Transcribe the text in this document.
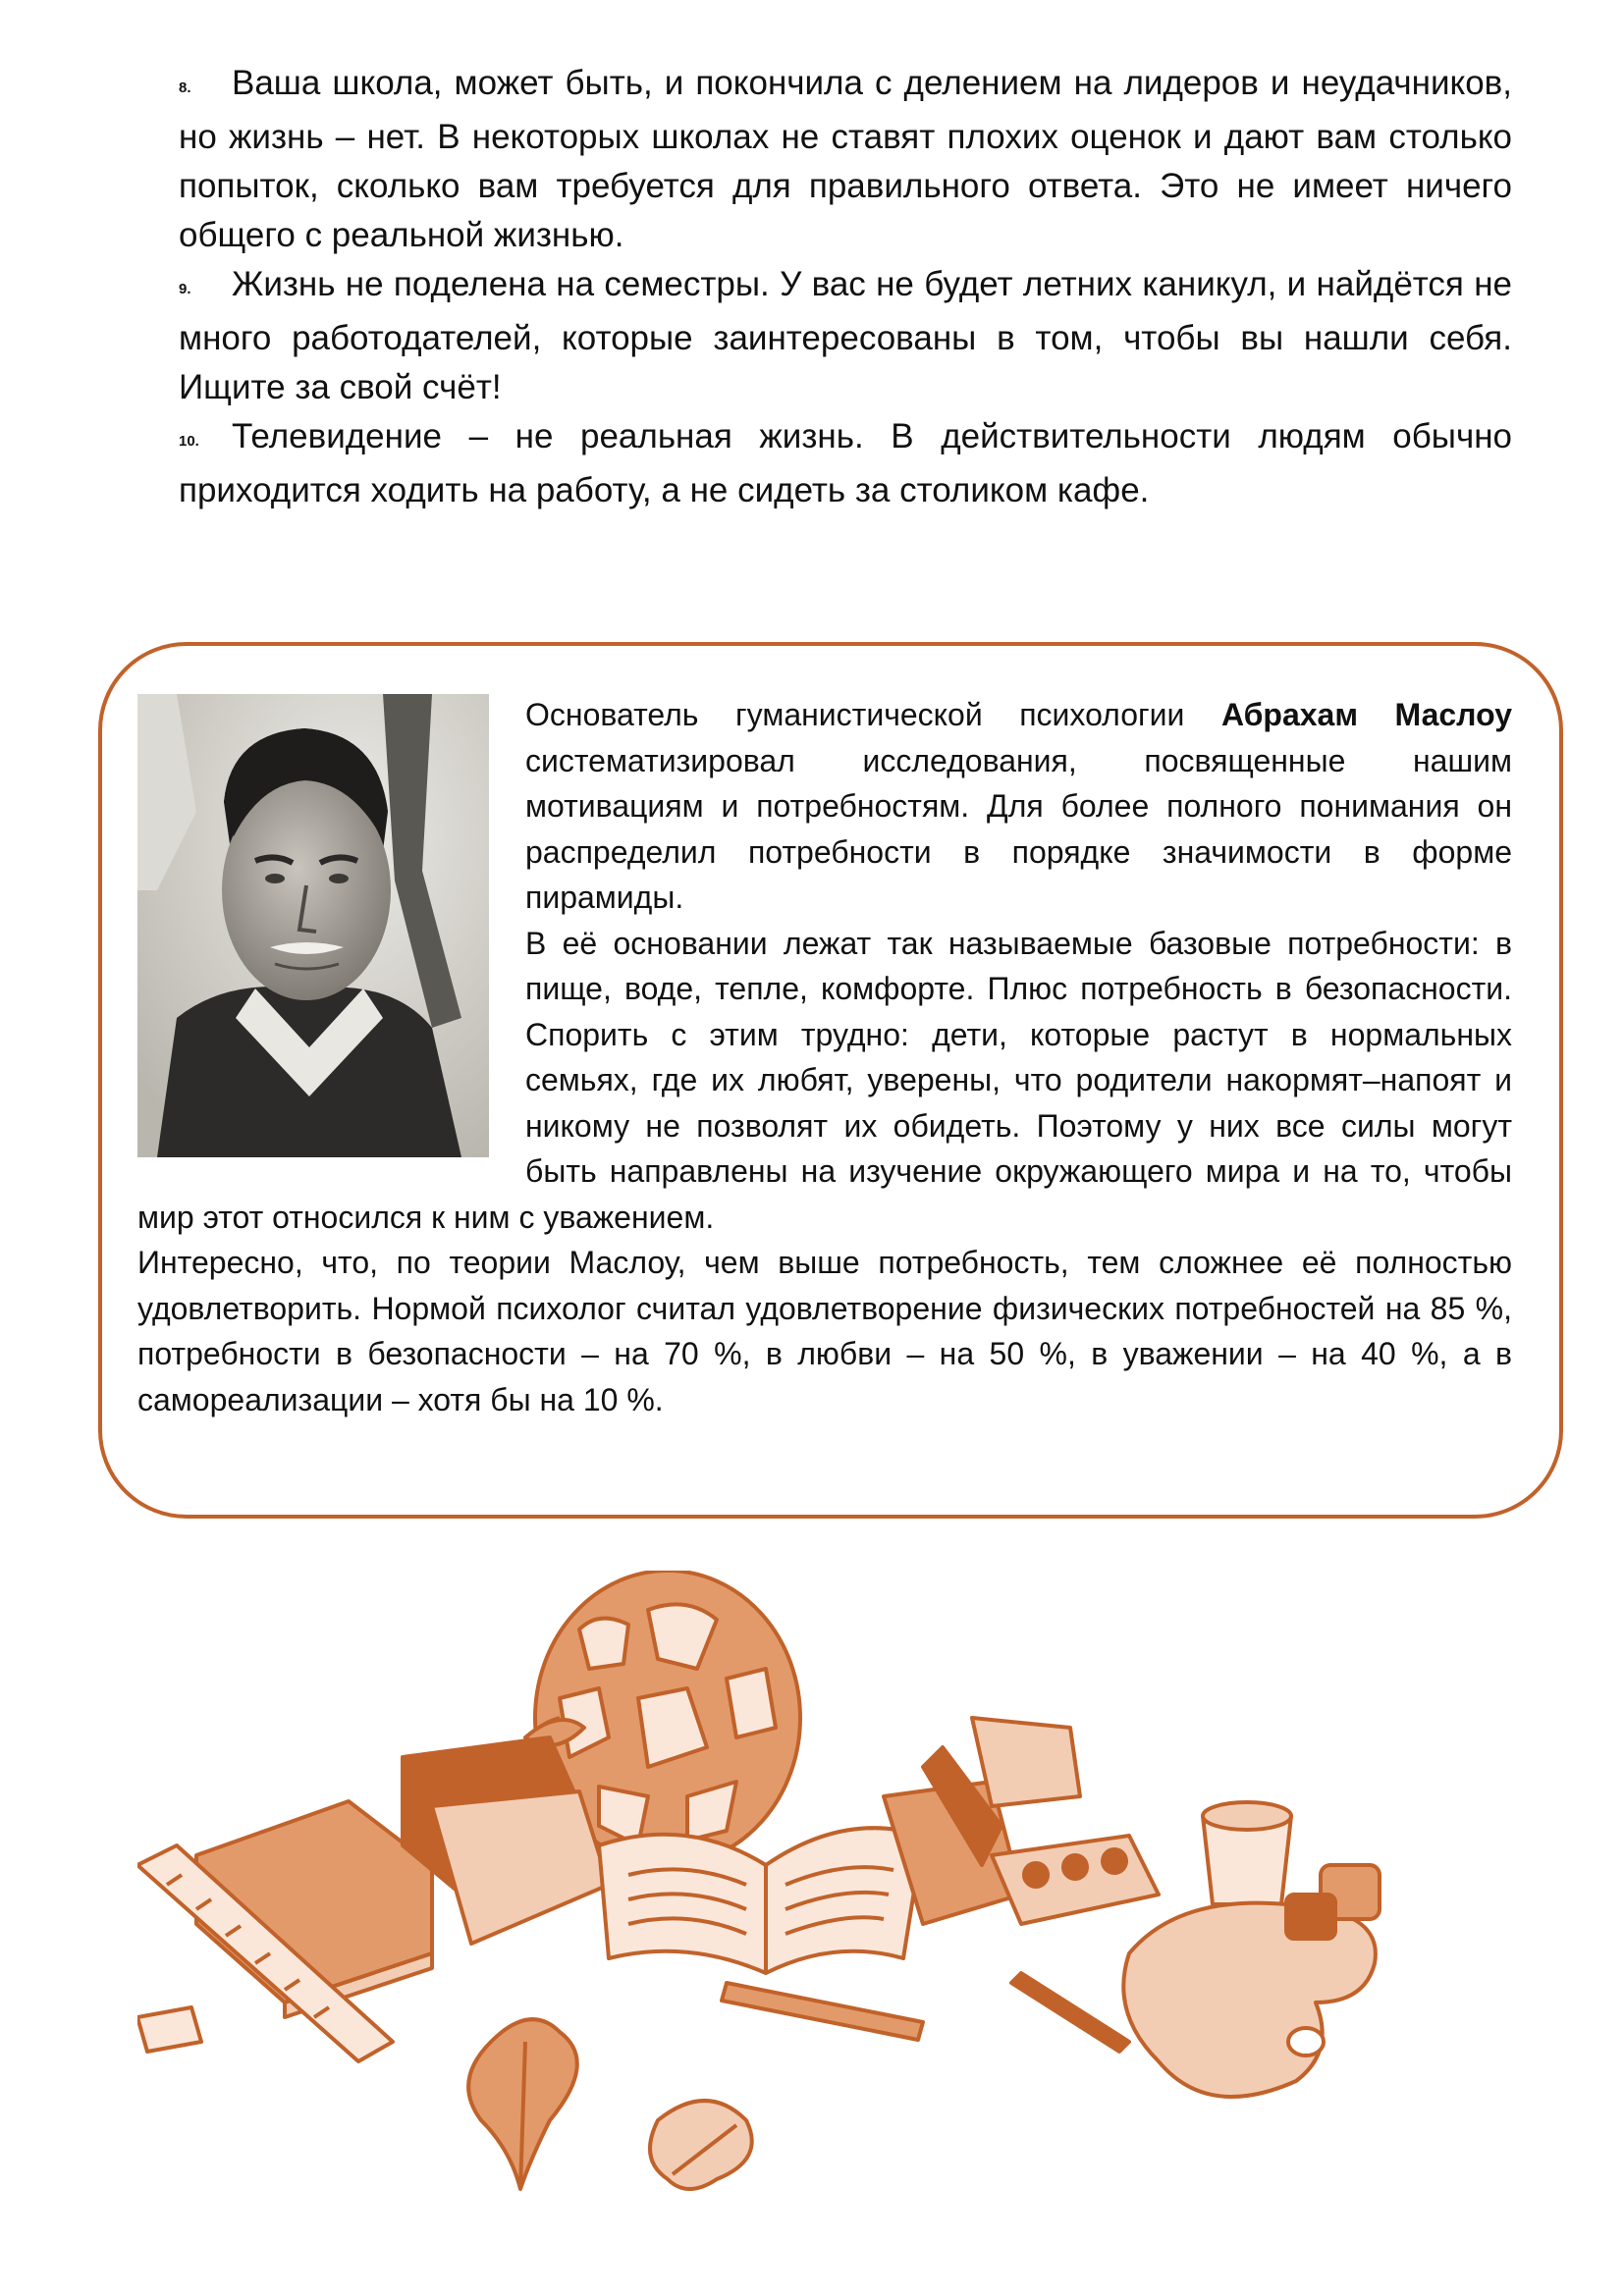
8. Ваша школа, может быть, и покончила с делением на лидеров и неудачников, но жизнь – нет. В некоторых школах не ставят плохих оценок и дают вам столько попыток, сколько вам требуется для правильного ответа. Это не имеет ничего общего с реальной жизнью.

9. Жизнь не поделена на семестры. У вас не будет летних каникул, и найдётся не много работодателей, которые заинтересованы в том, чтобы вы нашли себя. Ищите за свой счёт!

10. Телевидение – не реальная жизнь. В действительности людям обычно приходится ходить на работу, а не сидеть за столиком кафе.

Основатель гуманистической психологии Абрахам Маслоу систематизировал исследования, посвященные нашим мотивациям и потребностям. Для более полного понимания он распределил потребности в порядке значимости в форме пирамиды.

В её основании лежат так называемые базовые потребности: в пище, воде, тепле, комфорте. Плюс потребность в безопасности. Спорить с этим трудно: дети, которые растут в нормальных семьях, где их любят, уверены, что родители накормят–напоят и никому не позволят их обидеть. Поэтому у них все силы могут быть направлены на изучение окружающего мира и на то, чтобы мир этот относился к ним с уважением.

Интересно, что, по теории Маслоу, чем выше потребность, тем сложнее её полностью удовлетворить. Нормой психолог считал удовлетворение физических потребностей на 85 %, потребности в безопасности – на 70 %, в любви – на 50 %, в уважении – на 40 %, а в самореализации – хотя бы на 10 %.
